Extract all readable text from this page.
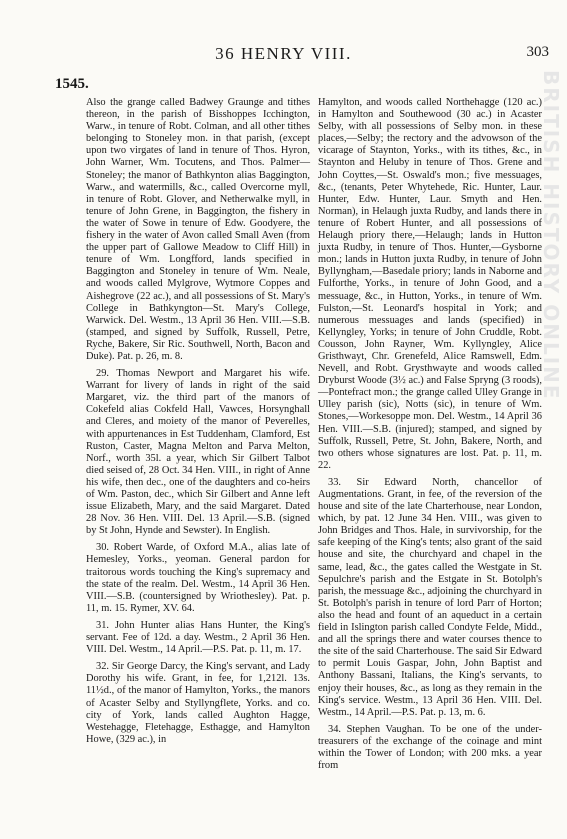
36 HENRY VIII.	303
1545.	BRITISH HISTORY ONLINE

Also the grange called Badwey Graunge and tithes thereon, in the parish of Bisshoppes Icchington, Warw., in tenure of Robt. Colman, and all other tithes belonging to Stoneley mon. in that parish, (except upon two virgates of land in tenure of Thos. Hyron, John Warner, Wm. Tocutens, and Thos. Palmer—Stoneley; the manor of Bathkynton alias Baggington, Warw., and watermills, &c., called Overcorne myll, in tenure of Robt. Glover, and Netherwalke myll, in tenure of John Grene, in Baggington, the fishery in the water of Sowe in tenure of Edw. Goodyere, the fishery in the water of Avon called Small Aven (from the upper part of Gallowe Meadow to Cliff Hill) in tenure of Wm. Longfford, lands specified in Baggington and Stoneley in tenure of Wm. Neale, and woods called Mylgrove, Wytmore Coppes and Aishegrove (22 ac.), and all possessions of St. Mary's College in Bathkyngton—St. Mary's College, Warwick. Del. Westm., 13 April 36 Hen. VIII.—S.B. (stamped, and signed by Suffolk, Russell, Petre, Ryche, Bakere, Sir Ric. Southwell, North, Bacon and Duke). Pat. p. 26, m. 8.

29. Thomas Newport and Margaret his wife. Warrant for livery of lands in right of the said Margaret, viz. the third part of the manors of Cokefeld alias Cokfeld Hall, Vawces, Horsynghall and Cleres, and moiety of the manor of Peverelles, with appurtenances in Est Tuddenham, Clamford, Est Ruston, Caster, Magna Melton and Parva Melton, Norf., worth 35l. a year, which Sir Gilbert Talbot died seised of, 28 Oct. 34 Hen. VIII., in right of Anne his wife, then dec., one of the daughters and co-heirs of Wm. Paston, dec., which Sir Gilbert and Anne left issue Elizabeth, Mary, and the said Margaret. Dated 28 Nov. 36 Hen. VIII. Del. 13 April.—S.B. (signed by St John, Hynde and Sewster). In English.

30. Robert Warde, of Oxford M.A., alias late of Hemesley, Yorks., yeoman. General pardon for traitorous words touching the King's supremacy and the state of the realm. Del. Westm., 14 April 36 Hen. VIII.—S.B. (countersigned by Wriothesley). Pat. p. 11, m. 15. Rymer, XV. 64.

31. John Hunter alias Hans Hunter, the King's servant. Fee of 12d. a day. Westm., 2 April 36 Hen. VIII. Del. Westm., 14 April.—P.S. Pat. p. 11, m. 17.

32. Sir George Darcy, the King's servant, and Lady Dorothy his wife. Grant, in fee, for 1,212l. 13s. 11½d., of the manor of Hamylton, Yorks., the manors of Acaster Selby and Styllyngflete, Yorks. and co. city of York, lands called Aughton Hagge, Westehagge, Fletehagge, Esthagge, and Hamylton Howe, (329 ac.), in

Hamylton, and woods called Northehagge (120 ac.) in Hamylton and Southewood (30 ac.) in Acaster Selby, with all possessions of Selby mon. in these places,—Selby; the rectory and the advowson of the vicarage of Staynton, Yorks., with its tithes, &c., in Staynton and Heluby in tenure of Thos. Grene and John Coyttes,—St. Oswald's mon.; five messuages, &c., (tenants, Peter Whytehede, Ric. Hunter, Laur. Hunter, Edw. Hunter, Laur. Smyth and Hen. Norman), in Helaugh juxta Rudby, and lands there in tenure of Robert Hunter, and all possessions of Helaugh priory there,—Helaugh; lands in Hutton juxta Rudby, in tenure of Thos. Hunter,—Gysborne mon.; lands in Hutton juxta Rudby, in tenure of John Byllyngham,—Basedale priory; lands in Naborne and Fulforthe, Yorks., in tenure of John Good, and a messuage, &c., in Hutton, Yorks., in tenure of Wm. Fulston,—St. Leonard's hospital in York; and numerous messuages and lands (specified) in Kellyngley, Yorks; in tenure of John Cruddle, Robt. Cousson, John Rayner, Wm. Kyllyngley, Alice Gristhwayt, Chr. Grenefeld, Alice Ramswell, Edm. Nevell, and Robt. Grysthwayte and woods called Dryburst Woode (3½ ac.) and False Spryng (3 roods),—Pontefract mon.; the grange called Ulley Grange in Ulley parish (sic), Notts (sic), in tenure of Wm. Stones,—Workesoppe mon. Del. Westm., 14 April 36 Hen. VIII.—S.B. (injured); stamped, and signed by Suffolk, Russell, Petre, St. John, Bakere, North, and two others whose signatures are lost. Pat. p. 11, m. 22.

33. Sir Edward North, chancellor of Augmentations. Grant, in fee, of the reversion of the house and site of the late Charterhouse, near London, which, by pat. 12 June 34 Hen. VIII., was given to John Bridges and Thos. Hale, in survivorship, for the safe keeping of the King's tents; also grant of the said house and site, the churchyard and chapel in the same, lead, &c., the gates called the Westgate in St. Sepulchre's parish and the Estgate in St. Botolph's parish, the messuage &c., adjoining the churchyard in St. Botolph's parish in tenure of lord Parr of Horton; also the head and fount of an aqueduct in a certain field in Islington parish called Condyte Felde, Midd., and all the springs there and water courses thence to the site of the said Charterhouse. The said Sir Edward to permit Louis Gaspar, John, John Baptist and Anthony Bassani, Italians, the King's servants, to enjoy their houses, &c., as long as they remain in the King's service. Westm., 13 April 36 Hen. VIII. Del. Westm., 14 April.—P.S. Pat. p. 13, m. 6.

34. Stephen Vaughan. To be one of the under-treasurers of the exchange of the coinage and mint within the Tower of London; with 200 mks. a year from
